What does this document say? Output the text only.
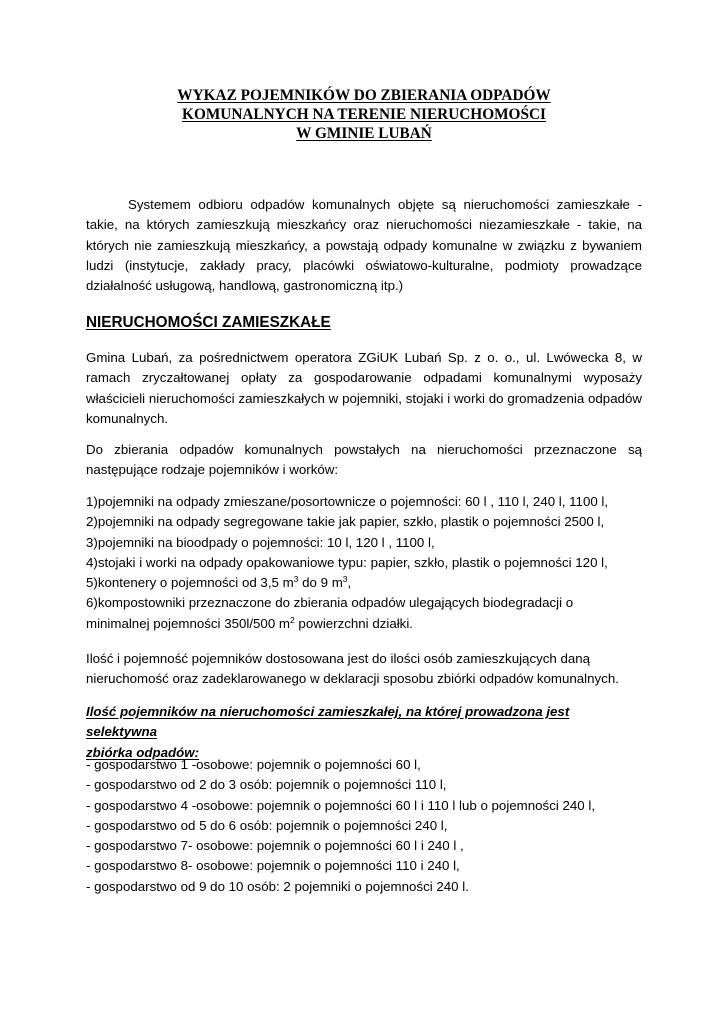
WYKAZ POJEMNIKÓW DO ZBIERANIA ODPADÓW
KOMUNALNYCH NA TERENIE NIERUCHOMOŚCI
W GMINIE LUBAŃ

Systemem odbioru odpadów komunalnych objęte są nieruchomości zamieszkałe - takie, na których zamieszkują mieszkańcy oraz nieruchomości niezamieszkałe - takie, na których nie zamieszkują mieszkańcy, a powstają odpady komunalne w związku z bywaniem ludzi (instytucje, zakłady pracy, placówki oświatowo-kulturalne, podmioty prowadzące działalność usługową, handlową, gastronomiczną itp.)

NIERUCHOMOŚCI ZAMIESZKAŁE

Gmina Lubań, za pośrednictwem operatora ZGiUK Lubań Sp. z o. o., ul. Lwówecka 8, w ramach zryczałtowanej opłaty za gospodarowanie odpadami komunalnymi wyposaży właścicieli nieruchomości zamieszkałych w pojemniki, stojaki i worki do gromadzenia odpadów komunalnych.

Do zbierania odpadów komunalnych powstałych na nieruchomości przeznaczone są następujące rodzaje pojemników i worków:

1)pojemniki na odpady zmieszane/posortownicze o pojemności: 60 l , 110 l, 240 l, 1100 l,
2)pojemniki na odpady segregowane takie jak papier, szkło, plastik o pojemności 2500 l,
3)pojemniki na bioodpady o pojemności: 10 l, 120 l , 1100 l,
4)stojaki i worki na odpady opakowaniowe typu: papier, szkło, plastik o pojemności 120 l,
5)kontenery o pojemności od 3,5 $m^3$ do 9 $m^3$,
6)kompostowniki przeznaczone do zbierania odpadów ulegających biodegradacji o
minimalnej pojemności 350l/500 $m^2$ powierzchni działki.

Ilość i pojemność pojemników dostosowana jest do ilości osób zamieszkujących daną
nieruchomość oraz zadeklarowanego w deklaracji sposobu zbiórki odpadów komunalnych.

Ilość pojemników na nieruchomości zamieszkałej, na której prowadzona jest selektywna
zbiórka odpadów:

- gospodarstwo 1 -osobowe: pojemnik o pojemności 60 l,
- gospodarstwo od 2 do 3 osób: pojemnik o pojemności 110 l,
- gospodarstwo 4 -osobowe: pojemnik o pojemności 60 l i 110 l lub o pojemności 240 l,
- gospodarstwo od 5 do 6 osób: pojemnik o pojemności 240 l,
- gospodarstwo 7- osobowe: pojemnik o pojemności 60 l i 240 l ,
- gospodarstwo 8- osobowe: pojemnik o pojemności 110 i 240 l,
- gospodarstwo od 9 do 10 osób: 2 pojemniki o pojemności 240 l.
